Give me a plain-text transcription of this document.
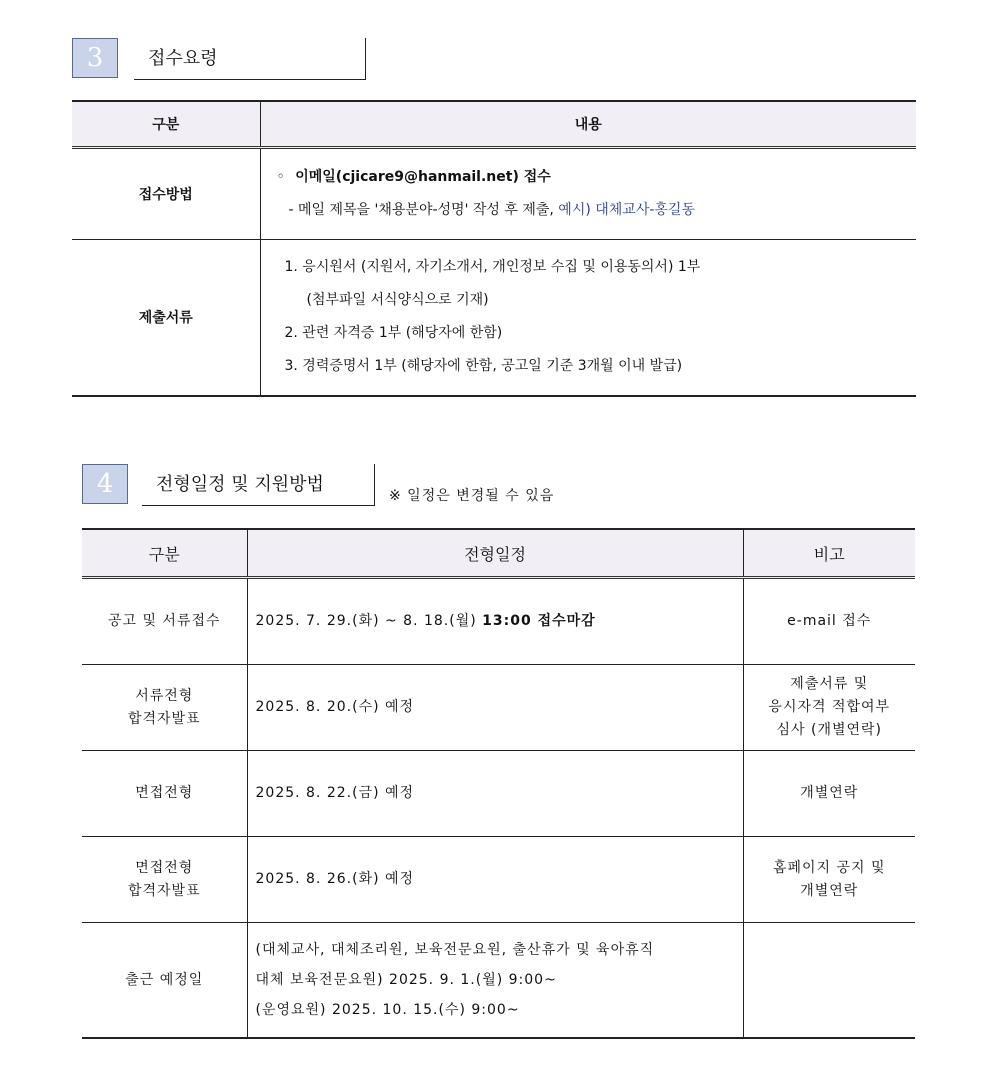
3	접수요령
구분	내용
접수방법	◦ 이메일(cjicare9@hanmail.net) 접수
- 메일 제목을 '채용분야-성명' 작성 후 제출, 예시) 대체교사-홍길동

제출서류	1. 응시원서 (지원서, 자기소개서, 개인정보 수집 및 이용동의서) 1부
(첨부파일 서식양식으로 기재)
2. 관련 자격증 1부 (해당자에 한함)
3. 경력증명서 1부 (해당자에 한함, 공고일 기준 3개월 이내 발급)
4	전형일정 및 지원방법
※ 일정은 변경될 수 있음
구분	전형일정	비고
공고 및 서류접수	2025. 7. 29.(화) ~ 8. 18.(월) 13:00 접수마감	e-mail 접수
서류전형
합격자발표	2025. 8. 20.(수) 예정	제출서류 및
응시자격 적합여부
심사 (개별연락)
면접전형	2025. 8. 22.(금) 예정	개별연락
면접전형
합격자발표	2025. 8. 26.(화) 예정	홈페이지 공지 및
개별연락
출근 예정일	(대체교사, 대체조리원, 보육전문요원, 출산휴가 및 육아휴직
대체 보육전문요원) 2025. 9. 1.(월) 9:00~
(운영요원) 2025. 10. 15.(수) 9:00~	
